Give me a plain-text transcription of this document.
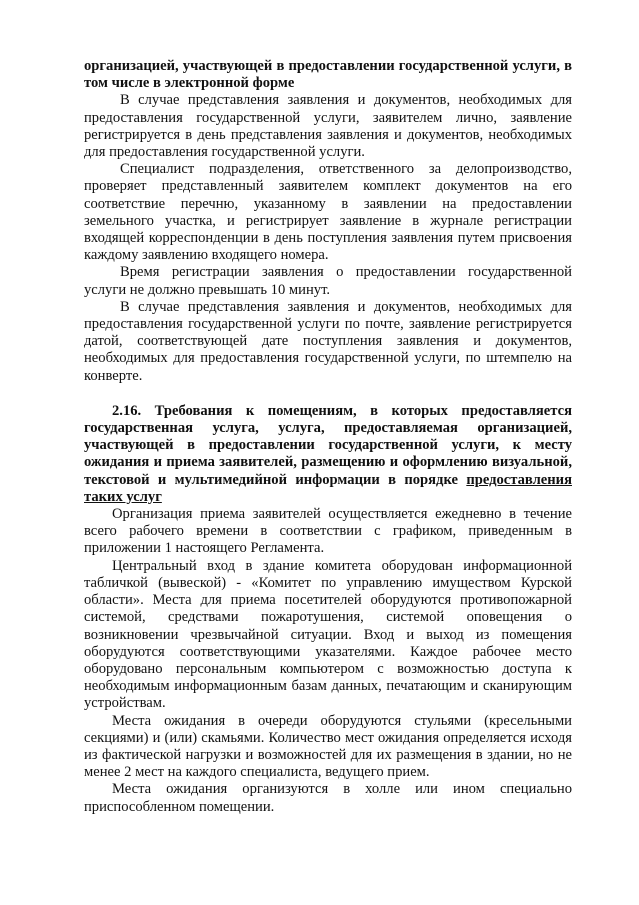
организацией, участвующей в предоставлении государственной услуги, в том числе в электронной форме

В случае представления заявления и документов, необходимых для предоставления государственной услуги, заявителем лично, заявление регистрируется в день представления заявления и документов, необходимых для предоставления государственной услуги.

Специалист подразделения, ответственного за делопроизводство, проверяет представленный заявителем комплект документов на его соответствие перечню, указанному в заявлении на предоставлении земельного участка, и регистрирует заявление в журнале регистрации входящей корреспонденции в день поступления заявления путем присвоения каждому заявлению входящего номера.

Время регистрации заявления о предоставлении государственной услуги не должно превышать 10 минут.

В случае представления заявления и документов, необходимых для предоставления государственной услуги по почте, заявление регистрируется датой, соответствующей дате поступления заявления и документов, необходимых для предоставления государственной услуги, по штемпелю на конверте.

2.16. Требования к помещениям, в которых предоставляется государственная услуга, услуга, предоставляемая организацией, участвующей в предоставлении государственной услуги, к месту ожидания и приема заявителей, размещению и оформлению визуальной, текстовой и мультимедийной информации в порядке предоставления таких услуг

Организация приема заявителей осуществляется ежедневно в течение всего рабочего времени в соответствии с графиком, приведенным в приложении 1 настоящего Регламента.

Центральный вход в здание комитета оборудован информационной табличкой (вывеской) - «Комитет по управлению имуществом Курской области». Места для приема посетителей оборудуются противопожарной системой, средствами пожаротушения, системой оповещения о возникновении чрезвычайной ситуации. Вход и выход из помещения оборудуются соответствующими указателями. Каждое рабочее место оборудовано персональным компьютером с возможностью доступа к необходимым информационным базам данных, печатающим и сканирующим устройствам.

Места ожидания в очереди оборудуются стульями (кресельными секциями) и (или) скамьями. Количество мест ожидания определяется исходя из фактической нагрузки и возможностей для их размещения в здании, но не менее 2 мест на каждого специалиста, ведущего прием.

Места ожидания организуются в холле или ином специально приспособленном помещении.
